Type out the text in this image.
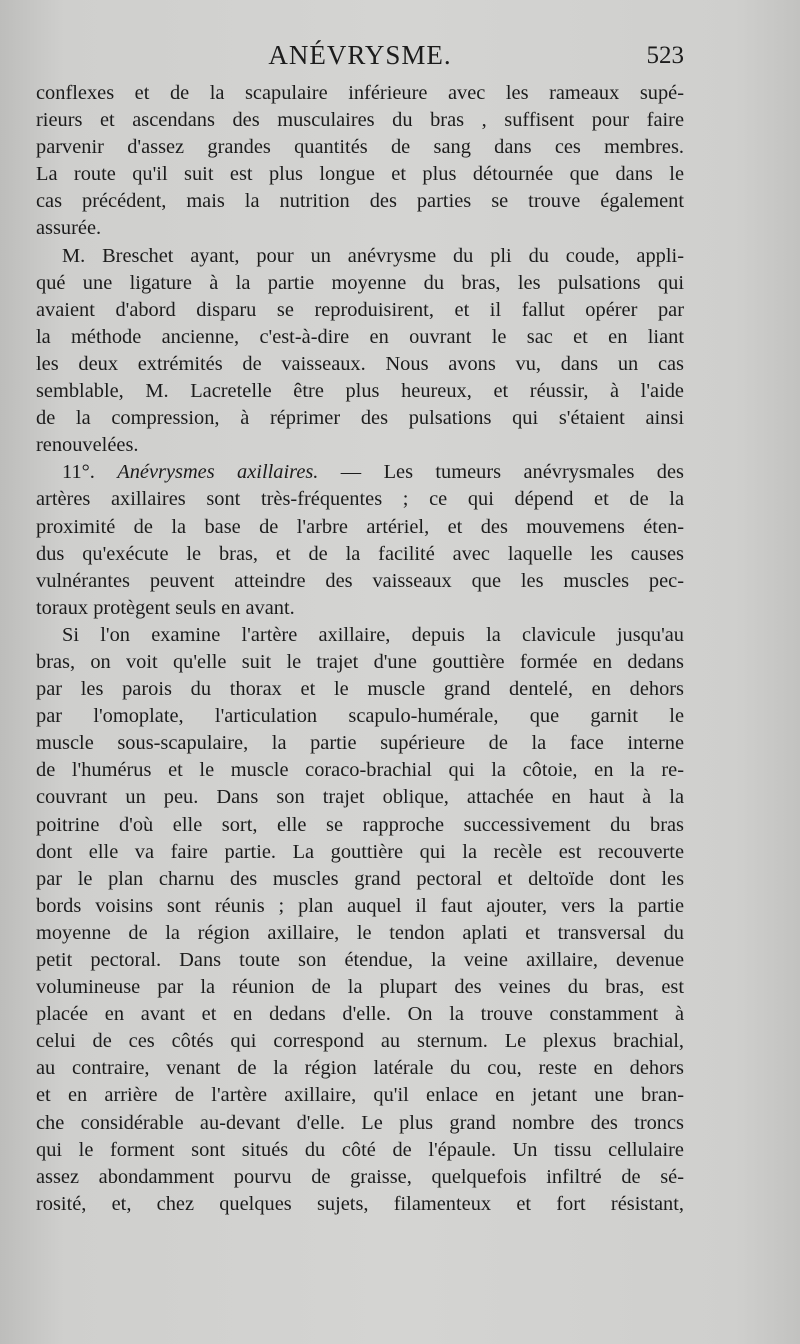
ANÉVRYSME.	523
conflexes et de la scapulaire inférieure avec les rameaux supé-
rieurs et ascendans des musculaires du bras , suffisent pour faire
parvenir d'assez grandes quantités de sang dans ces membres.
La route qu'il suit est plus longue et plus détournée que dans le
cas précédent, mais la nutrition des parties se trouve également
assurée.
M. Breschet ayant, pour un anévrysme du pli du coude, appli-
qué une ligature à la partie moyenne du bras, les pulsations qui
avaient d'abord disparu se reproduisirent, et il fallut opérer par
la méthode ancienne, c'est-à-dire en ouvrant le sac et en liant
les deux extrémités de vaisseaux. Nous avons vu, dans un cas
semblable, M. Lacretelle être plus heureux, et réussir, à l'aide
de la compression, à réprimer des pulsations qui s'étaient ainsi
renouvelées.
11°. Anévrysmes axillaires. — Les tumeurs anévrysmales des
artères axillaires sont très-fréquentes ; ce qui dépend et de la
proximité de la base de l'arbre artériel, et des mouvemens éten-
dus qu'exécute le bras, et de la facilité avec laquelle les causes
vulnérantes peuvent atteindre des vaisseaux que les muscles pec-
toraux protègent seuls en avant.
Si l'on examine l'artère axillaire, depuis la clavicule jusqu'au
bras, on voit qu'elle suit le trajet d'une gouttière formée en dedans
par les parois du thorax et le muscle grand dentelé, en dehors
par l'omoplate, l'articulation scapulo-humérale, que garnit le
muscle sous-scapulaire, la partie supérieure de la face interne
de l'humérus et le muscle coraco-brachial qui la côtoie, en la re-
couvrant un peu. Dans son trajet oblique, attachée en haut à la
poitrine d'où elle sort, elle se rapproche successivement du bras
dont elle va faire partie. La gouttière qui la recèle est recouverte
par le plan charnu des muscles grand pectoral et deltoïde dont les
bords voisins sont réunis ; plan auquel il faut ajouter, vers la partie
moyenne de la région axillaire, le tendon aplati et transversal du
petit pectoral. Dans toute son étendue, la veine axillaire, devenue
volumineuse par la réunion de la plupart des veines du bras, est
placée en avant et en dedans d'elle. On la trouve constamment à
celui de ces côtés qui correspond au sternum. Le plexus brachial,
au contraire, venant de la région latérale du cou, reste en dehors
et en arrière de l'artère axillaire, qu'il enlace en jetant une bran-
che considérable au-devant d'elle. Le plus grand nombre des troncs
qui le forment sont situés du côté de l'épaule. Un tissu cellulaire
assez abondamment pourvu de graisse, quelquefois infiltré de sé-
rosité, et, chez quelques sujets, filamenteux et fort résistant,
